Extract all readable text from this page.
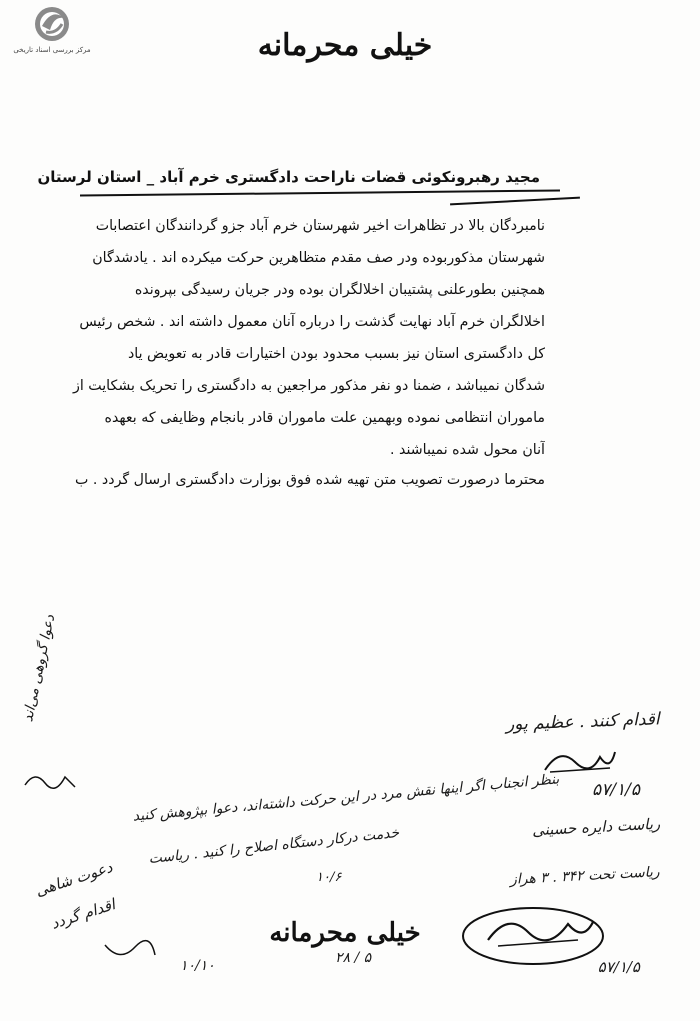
مرکز بررسی اسناد تاریخی	خیلی محرمانه
مجید رهبرونکوئی قضات ناراحت دادگستری خرم آباد _ استان لرستان

نامبردگان بالا در تظاهرات اخیر شهرستان خرم آباد جزو گردانندگان اعتصابات

شهرستان مذکوربوده ودر صف مقدم متظاهرین حرکت میکرده اند . یادشدگان

همچنین بطورعلنی پشتیبان اخلالگران بوده ودر جریان رسیدگی بپرونده

اخلالگران خرم آباد نهایت گذشت را درباره آنان معمول داشته اند . شخص رئیس

کل دادگستری استان نیز بسبب محدود بودن اختیارات قادر به تعویض یاد

شدگان نمیباشد ، ضمنا دو نفر مذکور مراجعین به دادگستری را تحریک بشکایت از

ماموران انتظامی نموده وبهمین علت ماموران قادر بانجام وظایفی که بعهده

آنان محول شده نمیباشند .

محترما درصورت تصویب متن تهیه شده فوق بوزارت دادگستری ارسال گردد . ب
اقدام کنند . عظیم پور
۵۷/۱/۵
دعوا گروهی می‌اند
بنظر انجناب اگر اینها نقش مرد در این حرکت داشته‌اند، دعوا بپژوهش کنید
ریاست دایره حسینی
خدمت درکار دستگاه اصلاح را کنید . ریاست
۱۰/۶	ریاست تحت ۳۴۲ . ۳ هراز
دعوت شاهی
اقدام گردد
خیلی محرمانه
۲۸ / ۵
۱۰/۱۰	۵۷/۱/۵
